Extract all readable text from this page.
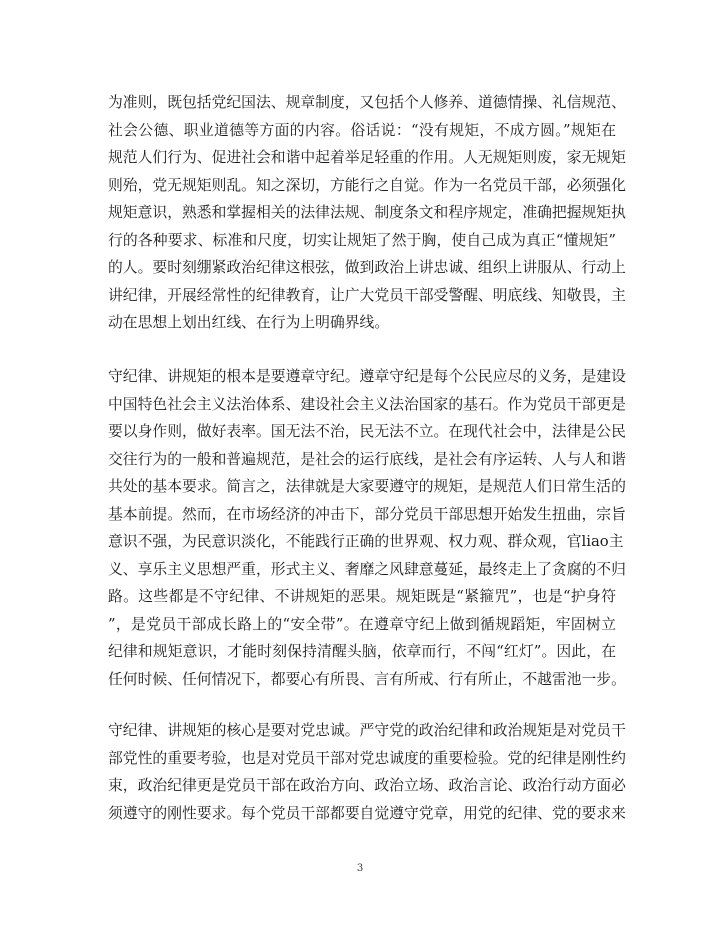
为准则，既包括党纪国法、规章制度，又包括个人修养、道德情操、礼信规范、
社会公德、职业道德等方面的内容。俗话说：“没有规矩，不成方圆。”规矩在
规范人们行为、促进社会和谐中起着举足轻重的作用。人无规矩则废，家无规矩
则殆，党无规矩则乱。知之深切，方能行之自觉。作为一名党员干部，必须强化
规矩意识，熟悉和掌握相关的法律法规、制度条文和程序规定，准确把握规矩执
行的各种要求、标准和尺度，切实让规矩了然于胸，使自己成为真正“懂规矩”
的人。要时刻绷紧政治纪律这根弦，做到政治上讲忠诚、组织上讲服从、行动上
讲纪律，开展经常性的纪律教育，让广大党员干部受警醒、明底线、知敬畏，主
动在思想上划出红线、在行为上明确界线。
守纪律、讲规矩的根本是要遵章守纪。遵章守纪是每个公民应尽的义务，是建设
中国特色社会主义法治体系、建设社会主义法治国家的基石。作为党员干部更是
要以身作则，做好表率。国无法不治，民无法不立。在现代社会中，法律是公民
交往行为的一般和普遍规范，是社会的运行底线，是社会有序运转、人与人和谐
共处的基本要求。简言之，法律就是大家要遵守的规矩，是规范人们日常生活的
基本前提。然而，在市场经济的冲击下，部分党员干部思想开始发生扭曲，宗旨
意识不强，为民意识淡化，不能践行正确的世界观、权力观、群众观，官liao主
义、享乐主义思想严重，形式主义、奢靡之风肆意蔓延，最终走上了贪腐的不归
路。这些都是不守纪律、不讲规矩的恶果。规矩既是“紧箍咒”，也是“护身符
”，是党员干部成长路上的“安全带”。在遵章守纪上做到循规蹈矩，牢固树立
纪律和规矩意识，才能时刻保持清醒头脑，依章而行，不闯“红灯”。因此，在
任何时候、任何情况下，都要心有所畏、言有所戒、行有所止，不越雷池一步。
守纪律、讲规矩的核心是要对党忠诚。严守党的政治纪律和政治规矩是对党员干
部党性的重要考验，也是对党员干部对党忠诚度的重要检验。党的纪律是刚性约
束，政治纪律更是党员干部在政治方向、政治立场、政治言论、政治行动方面必
须遵守的刚性要求。每个党员干部都要自觉遵守党章，用党的纪律、党的要求来
3
